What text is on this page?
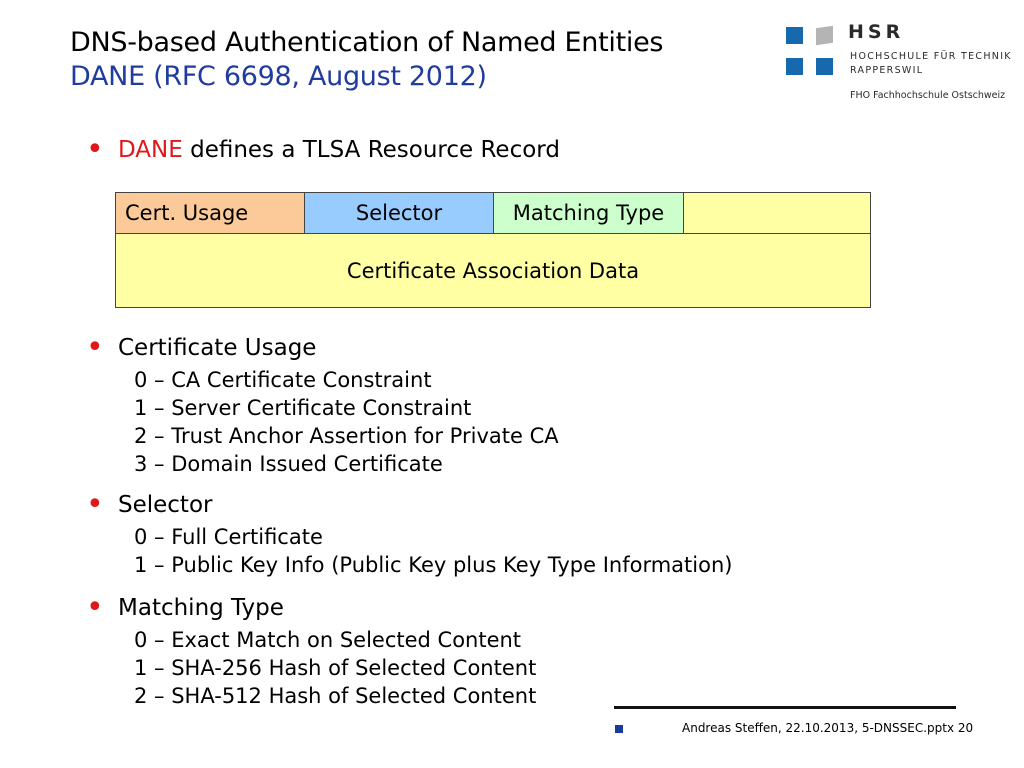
DNS-based Authentication of Named Entities
DANE (RFC 6698, August 2012)
HSR
HOCHSCHULE FÜR TECHNIK
RAPPERSWIL
FHO Fachhochschule Ostschweiz
• DANE defines a TLSA Resource Record
Cert. Usage	Selector	Matching Type
Certificate Association Data
• Certificate Usage
0 – CA Certificate Constraint
1 – Server Certificate Constraint
2 – Trust Anchor Assertion for Private CA
3 – Domain Issued Certificate
• Selector
0 – Full Certificate
1 – Public Key Info (Public Key plus Key Type Information)
• Matching Type
0 – Exact Match on Selected Content
1 – SHA-256 Hash of Selected Content
2 – SHA-512 Hash of Selected Content
Andreas Steffen, 22.10.2013, 5-DNSSEC.pptx 20
